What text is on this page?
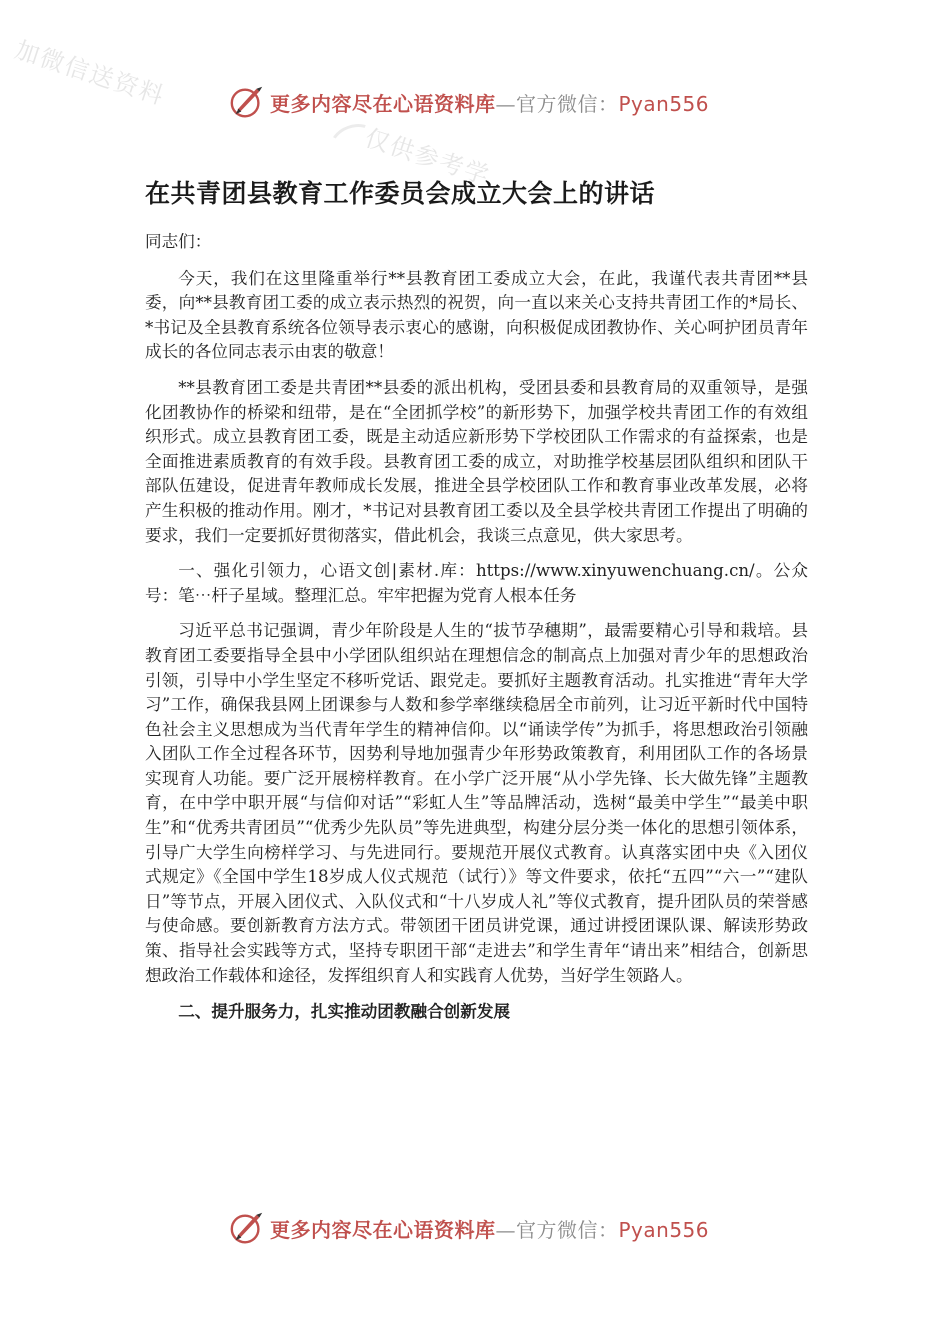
加微信送资料
仅供参考学
更多内容尽在心语资料库—官方微信：Pyan556
在共青团县教育工作委员会成立大会上的讲话

同志们：

今天，我们在这里隆重举行**县教育团工委成立大会，在此，我谨代表共青团**县委，向**县教育团工委的成立表示热烈的祝贺，向一直以来关心支持共青团工作的*局长、*书记及全县教育系统各位领导表示衷心的感谢，向积极促成团教协作、关心呵护团员青年成长的各位同志表示由衷的敬意！

**县教育团工委是共青团**县委的派出机构，受团县委和县教育局的双重领导，是强化团教协作的桥梁和纽带，是在“全团抓学校”的新形势下，加强学校共青团工作的有效组织形式。成立县教育团工委，既是主动适应新形势下学校团队工作需求的有益探索，也是全面推进素质教育的有效手段。县教育团工委的成立，对助推学校基层团队组织和团队干部队伍建设，促进青年教师成长发展，推进全县学校团队工作和教育事业改革发展，必将产生积极的推动作用。刚才，*书记对县教育团工委以及全县学校共青团工作提出了明确的要求，我们一定要抓好贯彻落实，借此机会，我谈三点意见，供大家思考。

一、强化引领力，心语文创|素材.库：https://www.xinyuwenchuang.cn/。公众号：笔⋯杆子星域。整理汇总。牢牢把握为党育人根本任务

习近平总书记强调，青少年阶段是人生的“拔节孕穗期”，最需要精心引导和栽培。县教育团工委要指导全县中小学团队组织站在理想信念的制高点上加强对青少年的思想政治引领，引导中小学生坚定不移听党话、跟党走。要抓好主题教育活动。扎实推进“青年大学习”工作，确保我县网上团课参与人数和参学率继续稳居全市前列，让习近平新时代中国特色社会主义思想成为当代青年学生的精神信仰。以“诵读学传”为抓手，将思想政治引领融入团队工作全过程各环节，因势利导地加强青少年形势政策教育，利用团队工作的各场景实现育人功能。要广泛开展榜样教育。在小学广泛开展“从小学先锋、长大做先锋”主题教育，在中学中职开展“与信仰对话”“彩虹人生”等品牌活动，选树“最美中学生”“最美中职生”和“优秀共青团员”“优秀少先队员”等先进典型，构建分层分类一体化的思想引领体系，引导广大学生向榜样学习、与先进同行。要规范开展仪式教育。认真落实团中央《入团仪式规定》《全国中学生18岁成人仪式规范（试行）》等文件要求，依托“五四”“六一”“建队日”等节点，开展入团仪式、入队仪式和“十八岁成人礼”等仪式教育，提升团队员的荣誉感与使命感。要创新教育方法方式。带领团干团员讲党课，通过讲授团课队课、解读形势政策、指导社会实践等方式，坚持专职团干部“走进去”和学生青年“请出来”相结合，创新思想政治工作载体和途径，发挥组织育人和实践育人优势，当好学生领路人。

二、提升服务力，扎实推动团教融合创新发展

更多内容尽在心语资料库—官方微信：Pyan556
